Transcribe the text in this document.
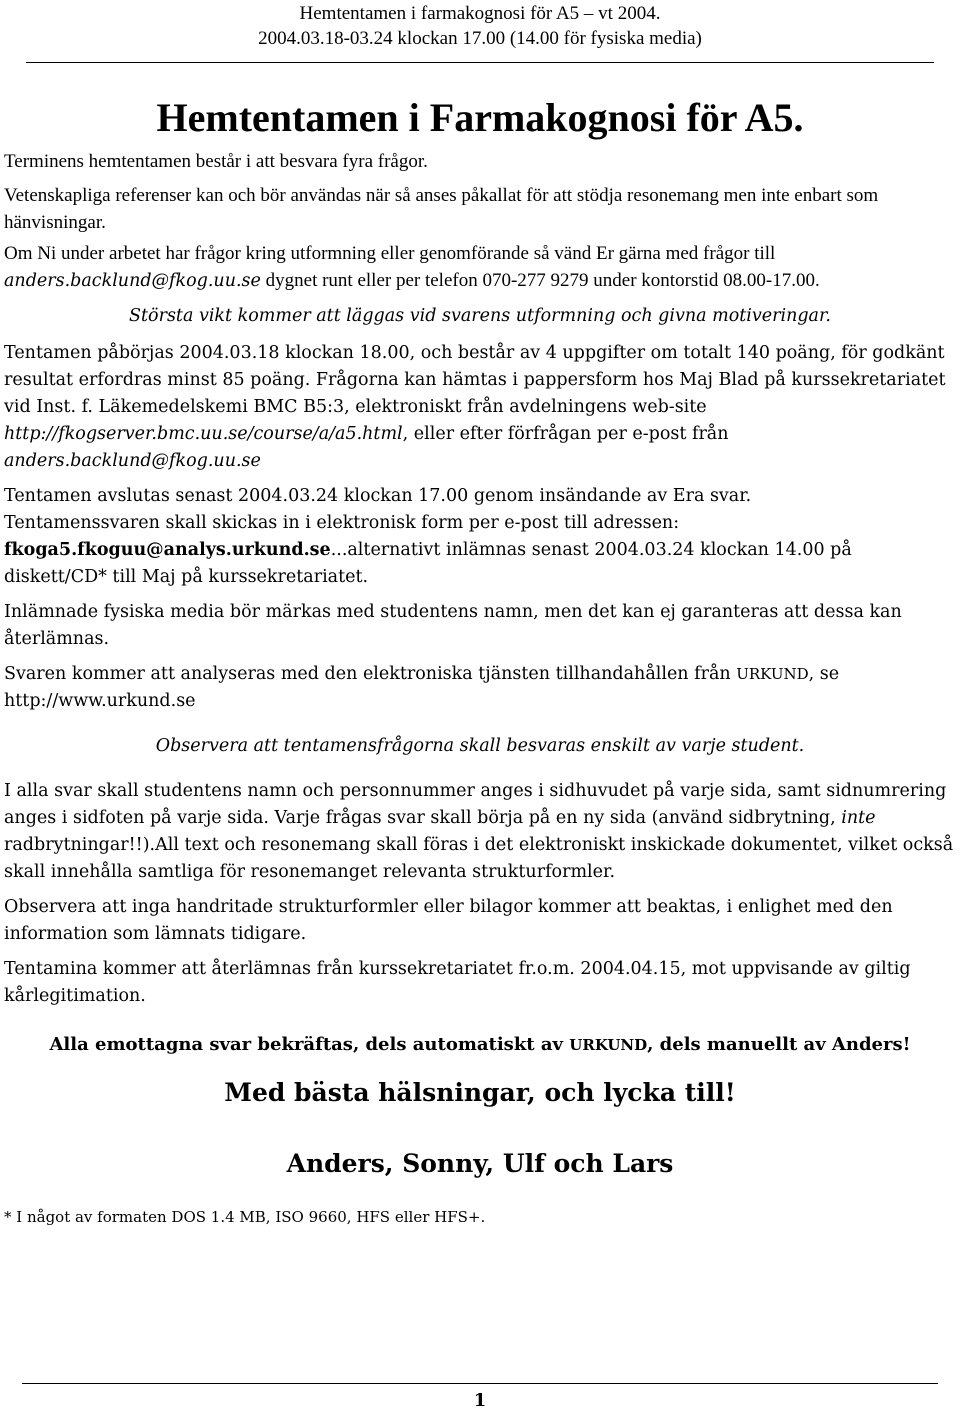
Hemtentamen i farmakognosi för A5 – vt 2004.
2004.03.18-03.24 klockan 17.00 (14.00 för fysiska media)
Hemtentamen i Farmakognosi för A5.

Terminens hemtentamen består i att besvara fyra frågor.

Vetenskapliga referenser kan och bör användas när så anses påkallat för att stödja resonemang men inte enbart som hänvisningar.

Om Ni under arbetet har frågor kring utformning eller genomförande så vänd Er gärna med frågor till anders.backlund@fkog.uu.se dygnet runt eller per telefon 070-277 9279 under kontorstid 08.00-17.00.

Största vikt kommer att läggas vid svarens utformning och givna motiveringar.

Tentamen påbörjas 2004.03.18 klockan 18.00, och består av 4 uppgifter om totalt 140 poäng, för godkänt resultat erfordras minst 85 poäng. Frågorna kan hämtas i pappersform hos Maj Blad på kurssekretariatet vid Inst. f. Läkemedelskemi BMC B5:3, elektroniskt från avdelningens web-site http://fkogserver.bmc.uu.se/course/a/a5.html, eller efter förfrågan per e-post från anders.backlund@fkog.uu.se

Tentamen avslutas senast 2004.03.24 klockan 17.00 genom insändande av Era svar.
Tentamenssvaren skall skickas in i elektronisk form per e-post till adressen:
fkoga5.fkoguu@analys.urkund.se...alternativt inlämnas senast 2004.03.24 klockan 14.00 på diskett/CD* till Maj på kurssekretariatet.

Inlämnade fysiska media bör märkas med studentens namn, men det kan ej garanteras att dessa kan återlämnas.

Svaren kommer att analyseras med den elektroniska tjänsten tillhandahållen från URKUND, se http://www.urkund.se

Observera att tentamensfrågorna skall besvaras enskilt av varje student.

I alla svar skall studentens namn och personnummer anges i sidhuvudet på varje sida, samt sidnumrering anges i sidfoten på varje sida. Varje frågas svar skall börja på en ny sida (använd sidbrytning, inte radbrytningar!!).All text och resonemang skall föras i det elektroniskt inskickade dokumentet, vilket också skall innehålla samtliga för resonemanget relevanta strukturformler.

Observera att inga handritade strukturformler eller bilagor kommer att beaktas, i enlighet med den information som lämnats tidigare.

Tentamina kommer att återlämnas från kurssekretariatet fr.o.m. 2004.04.15, mot uppvisande av giltig kårlegitimation.

Alla emottagna svar bekräftas, dels automatiskt av URKUND, dels manuellt av Anders!

Med bästa hälsningar, och lycka till!

Anders, Sonny, Ulf och Lars

* I något av formaten DOS 1.4 MB, ISO 9660, HFS eller HFS+.

1
